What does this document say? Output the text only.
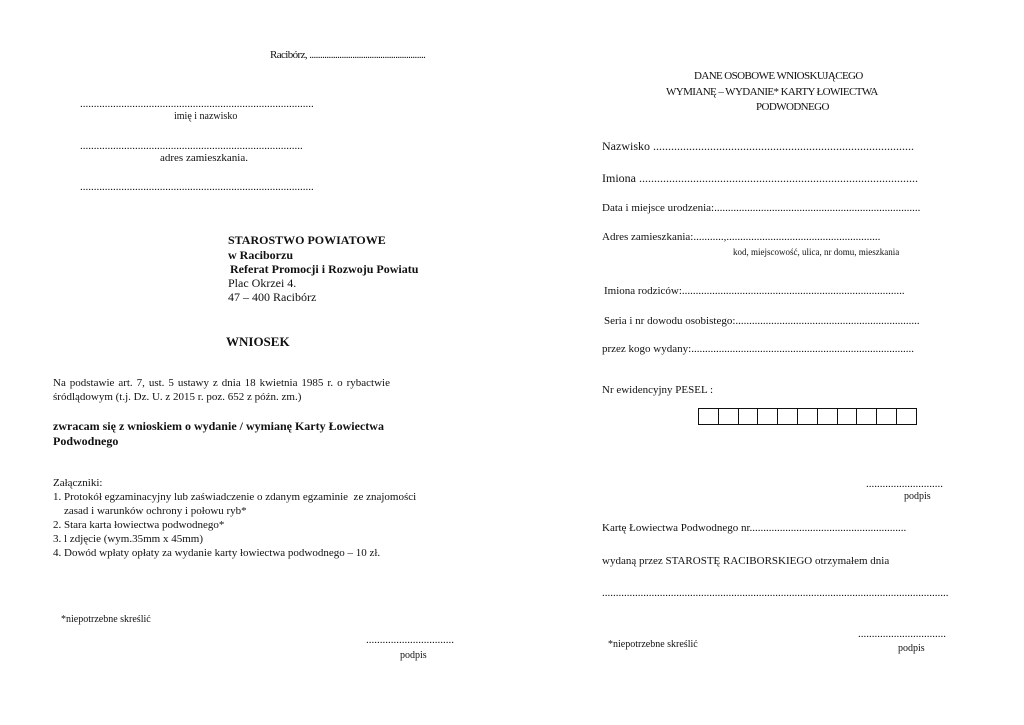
Racibórz, ......................................................
.....................................................................................
imię i nazwisko
.................................................................................
adres zamieszkania.
.....................................................................................
STAROSTWO POWIATOWE
w Raciborzu
Referat Promocji i Rozwoju Powiatu
Plac Okrzei 4.
47 – 400 Racibórz
WNIOSEK
Na podstawie art. 7, ust. 5 ustawy z dnia 18 kwietnia 1985 r. o rybactwie
śródlądowym (t.j. Dz. U. z 2015 r. poz. 652 z późn. zm.)
zwracam się z wnioskiem o wydanie / wymianę Karty Łowiectwa
Podwodnego
Załączniki:
1. Protokół egzaminacyjny lub zaświadczenie o zdanym egzaminie  ze znajomości
zasad i warunków ochrony i połowu ryb*
2. Stara karta łowiectwa podwodnego*
3. l zdjęcie (wym.35mm x 45mm)
4. Dowód wpłaty opłaty za wydanie karty łowiectwa podwodnego – 10 zł.
*niepotrzebne skreślić
................................
podpis
DANE OSOBOWE WNIOSKUJĄCEGO
WYMIANĘ – WYDANIE* KARTY ŁOWIECTWA
PODWODNEGO
Nazwisko .......................................................................................
Imiona .............................................................................................
Data i miejsce urodzenia:...........................................................................
Adres zamieszkania:...........,........................................................
kod, miejscowość, ulica, nr domu, mieszkania
Imiona rodziców:.................................................................................
Seria i nr dowodu osobistego:...................................................................
przez kogo wydany:.................................................................................
Nr ewidencyjny PESEL :
............................
podpis
Kartę Łowiectwa Podwodnego nr.........................................................
wydaną przez STAROSTĘ RACIBORSKIEGO otrzymałem dnia
..............................................................................................................................
*niepotrzebne skreślić
................................
podpis
